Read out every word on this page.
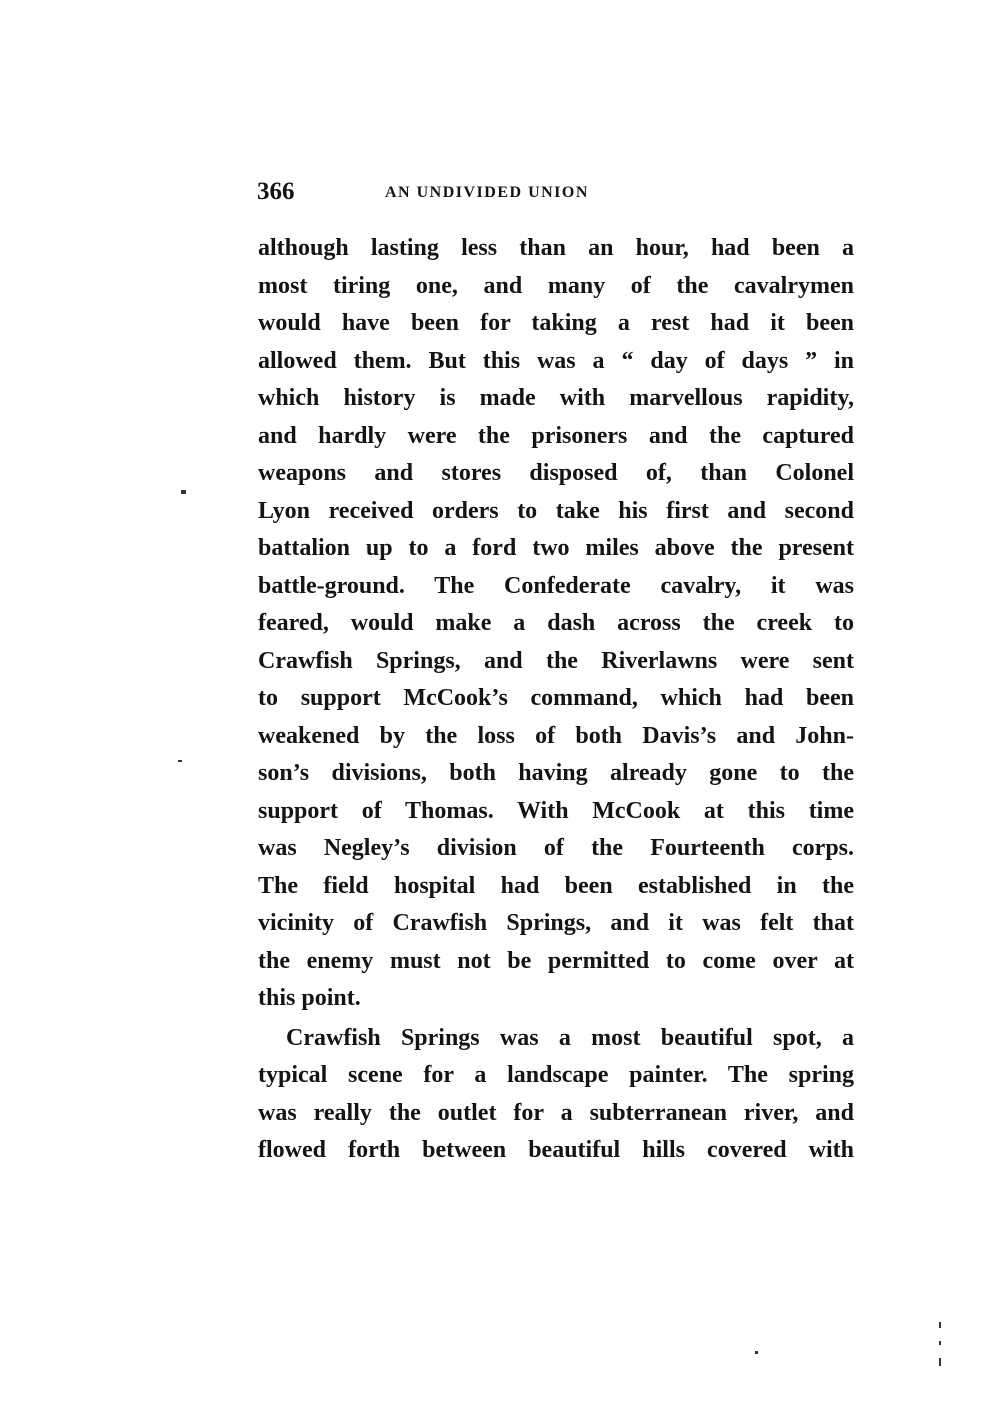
366	AN UNDIVIDED UNION
although lasting less than an hour, had been a
most tiring one, and many of the cavalrymen
would have been for taking a rest had it been
allowed them. But this was a “ day of days ” in
which history is made with marvellous rapidity,
and hardly were the prisoners and the captured
weapons and stores disposed of, than Colonel
Lyon received orders to take his first and second
battalion up to a ford two miles above the present
battle-ground. The Confederate cavalry, it was
feared, would make a dash across the creek to
Crawfish Springs, and the Riverlawns were sent
to support McCook’s command, which had been
weakened by the loss of both Davis’s and John-
son’s divisions, both having already gone to the
support of Thomas. With McCook at this time
was Negley’s division of the Fourteenth corps.
The field hospital had been established in the
vicinity of Crawfish Springs, and it was felt that
the enemy must not be permitted to come over at
this point.
Crawfish Springs was a most beautiful spot, a
typical scene for a landscape painter. The spring
was really the outlet for a subterranean river, and
flowed forth between beautiful hills covered with
